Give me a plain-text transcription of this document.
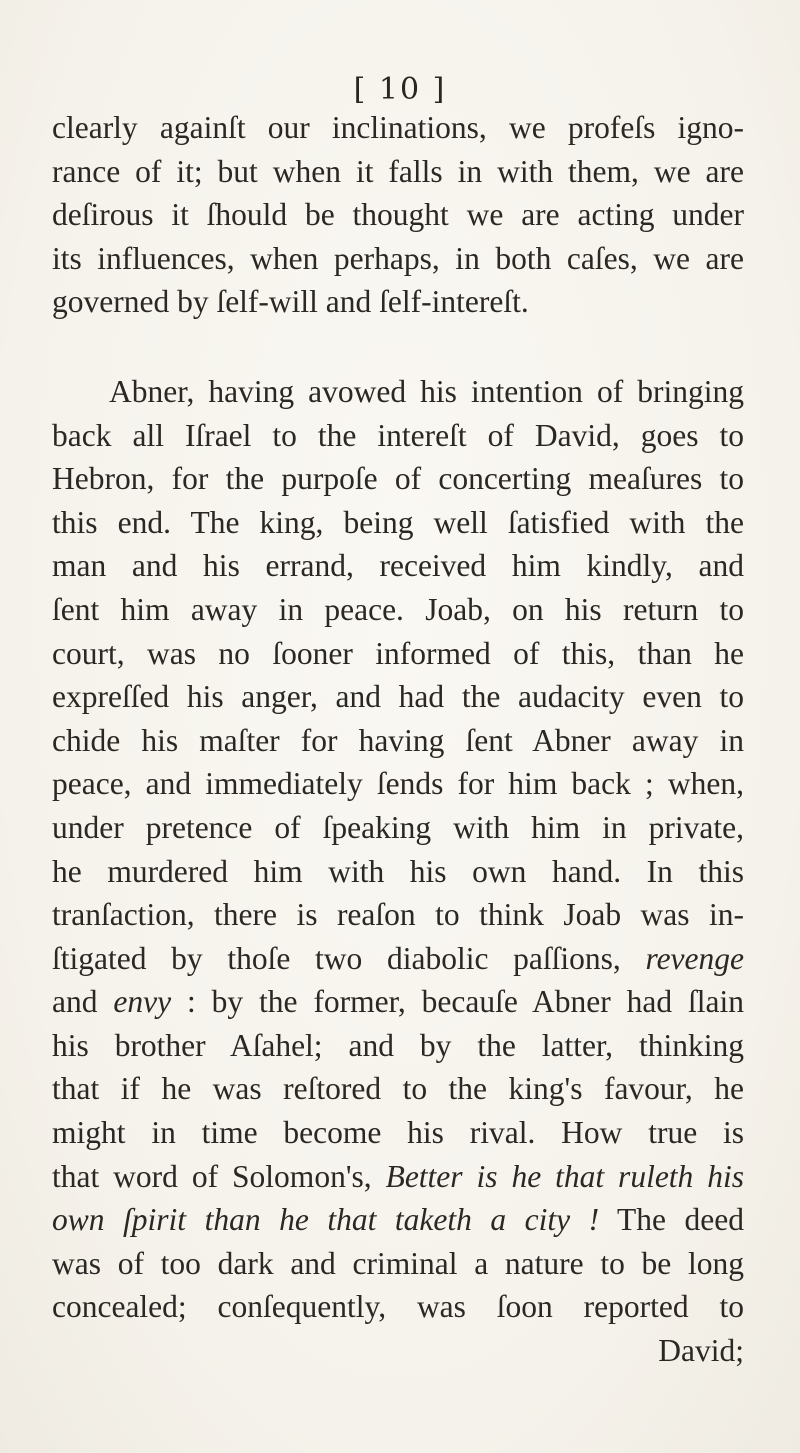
[ 10 ]
clearly againſt our inclinations, we profeſs igno-
rance of it; but when it falls in with them, we are
deſirous it ſhould be thought we are acting under
its influences, when perhaps, in both caſes, we are
governed by ſelf-will and ſelf-intereſt.
Abner, having avowed his intention of bringing
back all Iſrael to the intereſt of David, goes to
Hebron, for the purpoſe of concerting meaſures to
this end. The king, being well ſatisfied with the
man and his errand, received him kindly, and
ſent him away in peace. Joab, on his return to
court, was no ſooner informed of this, than he
expreſſed his anger, and had the audacity even to
chide his maſter for having ſent Abner away in
peace, and immediately ſends for him back ; when,
under pretence of ſpeaking with him in private,
he murdered him with his own hand. In this
tranſaction, there is reaſon to think Joab was in-
ſtigated by thoſe two diabolic paſſions, revenge
and envy : by the former, becauſe Abner had ſlain
his brother Aſahel; and by the latter, thinking
that if he was reſtored to the king's favour, he
might in time become his rival. How true is
that word of Solomon's, Better is he that ruleth his
own ſpirit than he that taketh a city ! The deed
was of too dark and criminal a nature to be long
concealed; conſequently, was ſoon reported to
David;
